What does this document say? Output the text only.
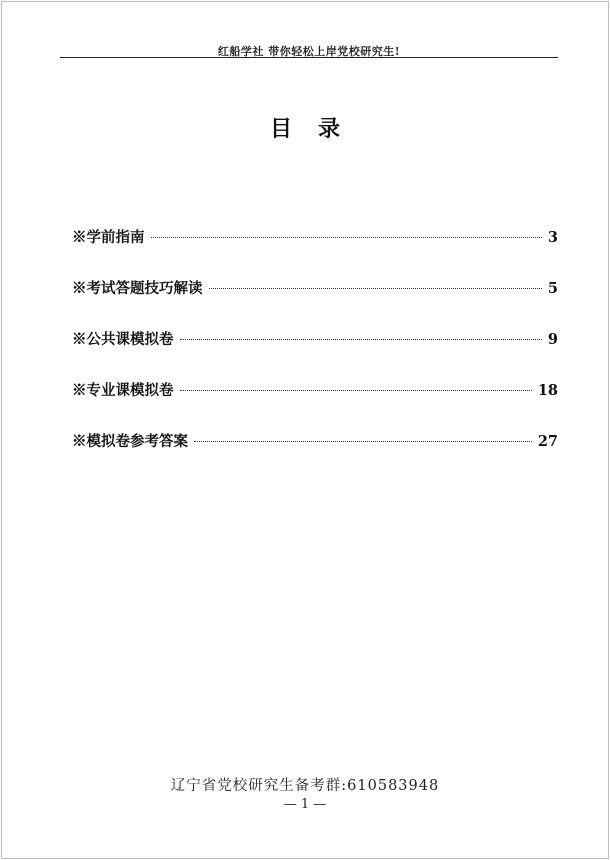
红船学社 带你轻松上岸党校研究生!
目录
※学前指南	3
※考试答题技巧解读	5
※公共课模拟卷	9
※专业课模拟卷	18
※模拟卷参考答案	27
辽宁省党校研究生备考群:610583948
— 1 —
